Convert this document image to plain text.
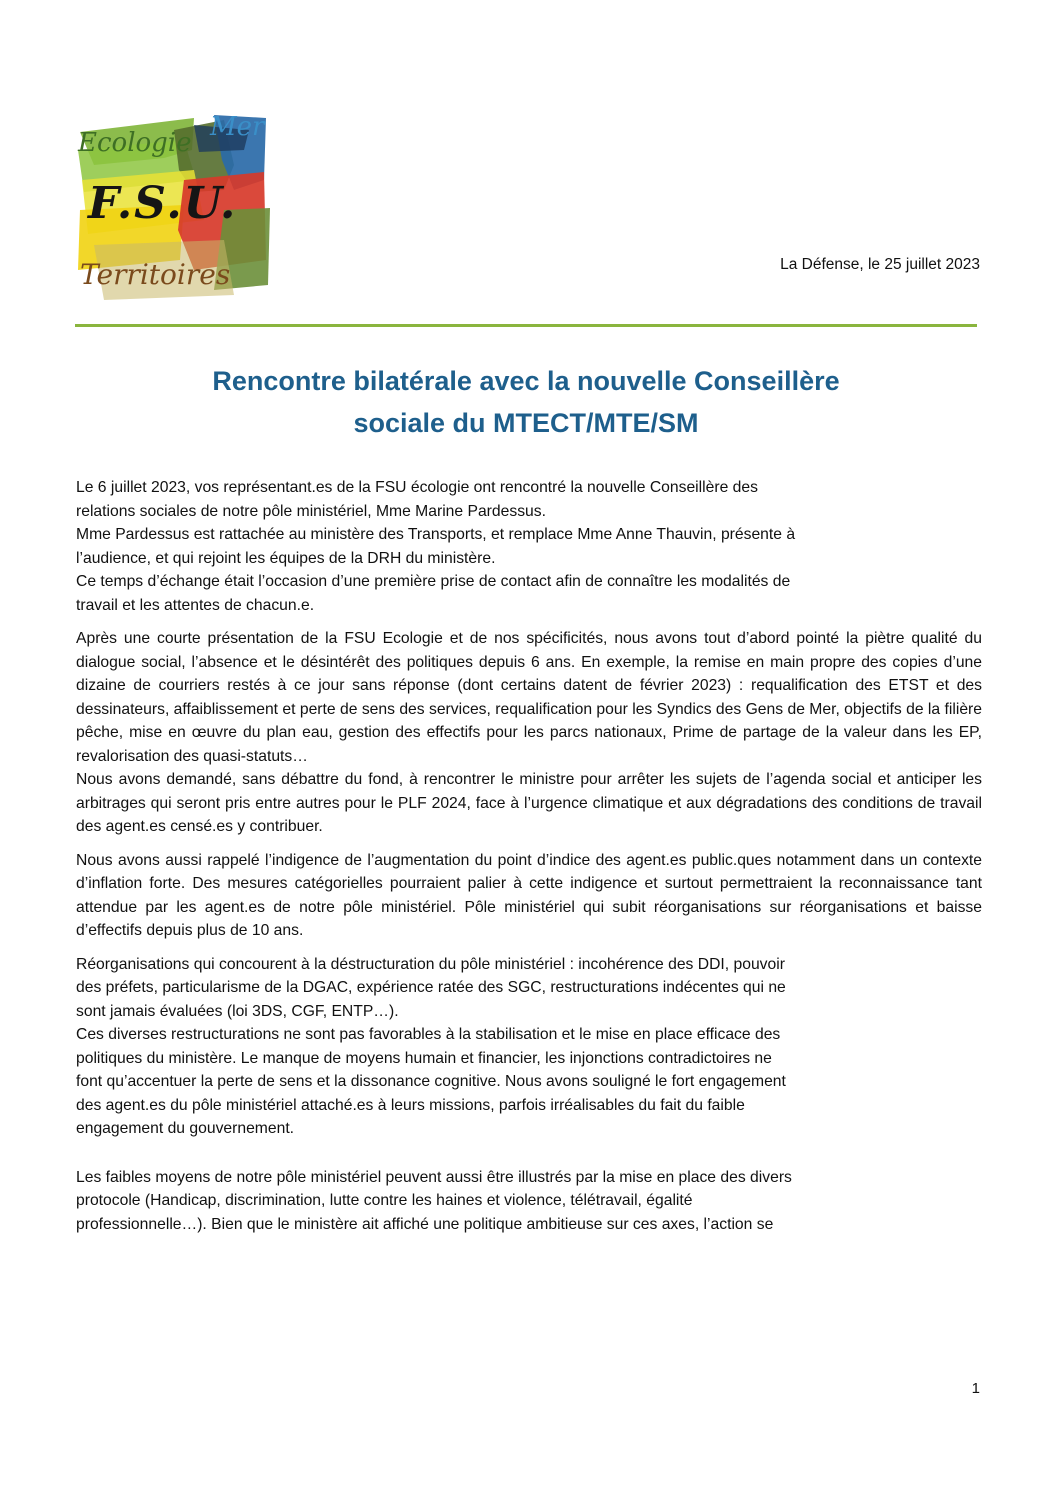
Ecologie
Mer
F.S.U.
Territoires	La Défense, le 25 juillet 2023
Rencontre bilatérale avec la nouvelle Conseillère
sociale du MTECT/MTE/SM

Le 6 juillet 2023, vos représentant.es de la FSU écologie ont rencontré la nouvelle Conseillère des
relations sociales de notre pôle ministériel, Mme Marine Pardessus.
Mme Pardessus est rattachée au ministère des Transports, et remplace Mme Anne Thauvin, présente à
l’audience, et qui rejoint les équipes de la DRH du ministère.
Ce temps d’échange était l’occasion d’une première prise de contact afin de connaître les modalités de
travail et les attentes de chacun.e.

Après une courte présentation de la FSU Ecologie et de nos spécificités, nous avons tout d’abord pointé la piètre qualité du dialogue social, l’absence et le désintérêt des politiques depuis 6 ans. En exemple, la remise en main propre des copies d’une dizaine de courriers restés à ce jour sans réponse (dont certains datent de février 2023) : requalification des ETST et des dessinateurs, affaiblissement et perte de sens des services, requalification pour les Syndics des Gens de Mer, objectifs de la filière pêche, mise en œuvre du plan eau, gestion des effectifs pour les parcs nationaux, Prime de partage de la valeur dans les EP, revalorisation des quasi-statuts…

Nous avons demandé, sans débattre du fond, à rencontrer le ministre pour arrêter les sujets de l’agenda social et anticiper les arbitrages qui seront pris entre autres pour le PLF 2024, face à l’urgence climatique et aux dégradations des conditions de travail des agent.es censé.es y contribuer.

Nous avons aussi rappelé l’indigence de l’augmentation du point d’indice des agent.es public.ques notamment dans un contexte d’inflation forte. Des mesures catégorielles pourraient palier à cette indigence et surtout permettraient la reconnaissance tant attendue par les agent.es de notre pôle ministériel. Pôle ministériel qui subit réorganisations sur réorganisations et baisse d’effectifs depuis plus de 10 ans.

Réorganisations qui concourent à la déstructuration du pôle ministériel : incohérence des DDI, pouvoir
des préfets, particularisme de la DGAC, expérience ratée des SGC, restructurations indécentes qui ne
sont jamais évaluées (loi 3DS, CGF, ENTP…).
Ces diverses restructurations ne sont pas favorables à la stabilisation et le mise en place efficace des
politiques du ministère. Le manque de moyens humain et financier, les injonctions contradictoires ne
font qu’accentuer la perte de sens et la dissonance cognitive. Nous avons souligné le fort engagement
des agent.es du pôle ministériel attaché.es à leurs missions, parfois irréalisables du fait du faible
engagement du gouvernement.

Les faibles moyens de notre pôle ministériel peuvent aussi être illustrés par la mise en place des divers
protocole (Handicap, discrimination, lutte contre les haines et violence, télétravail, égalité
professionnelle…). Bien que le ministère ait affiché une politique ambitieuse sur ces axes, l’action se

1
